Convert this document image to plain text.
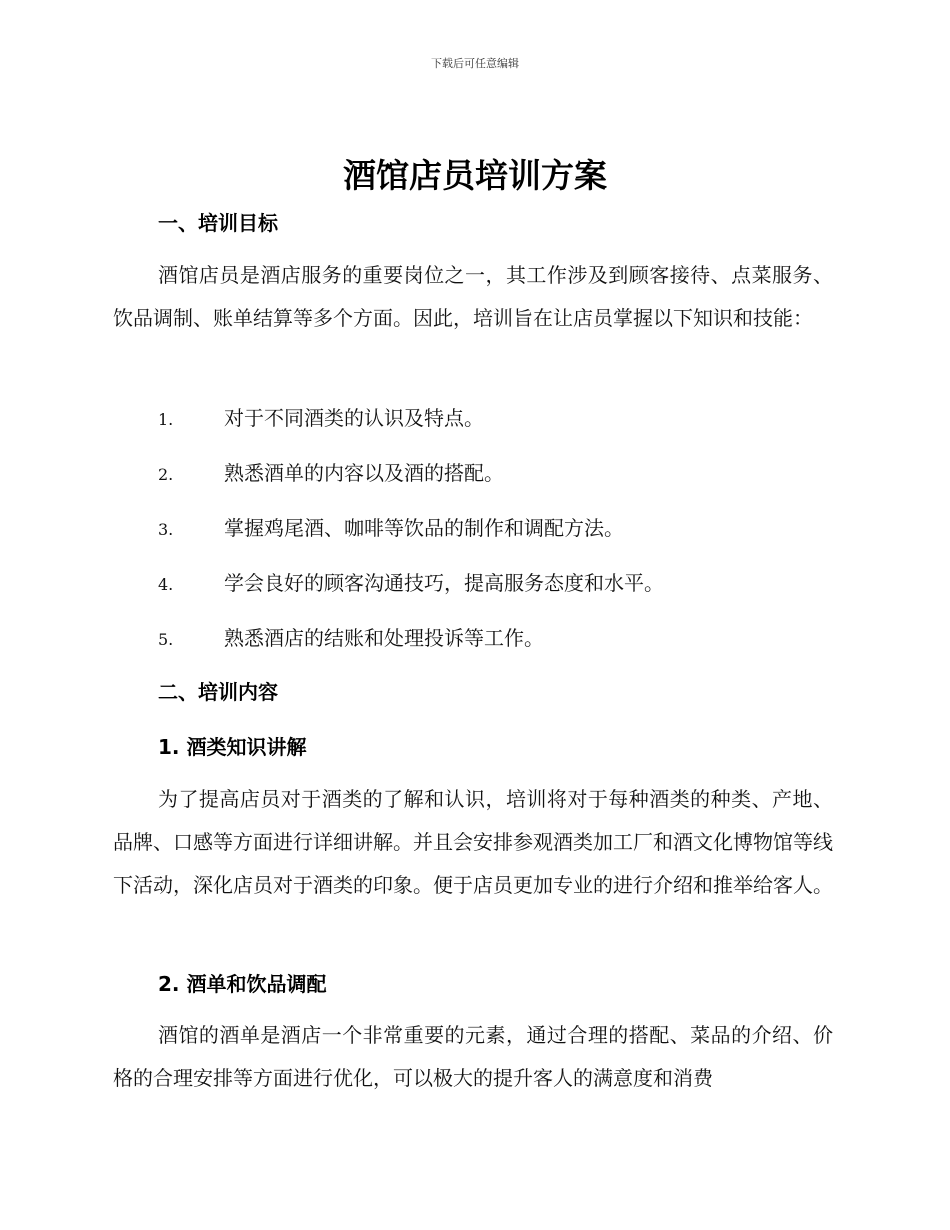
下载后可任意编辑
酒馆店员培训方案
一、培训目标

酒馆店员是酒店服务的重要岗位之一，其工作涉及到顾客接待、点菜服务、饮品调制、账单结算等多个方面。因此，培训旨在让店员掌握以下知识和技能：

1.	对于不同酒类的认识及特点。
2.	熟悉酒单的内容以及酒的搭配。
3.	掌握鸡尾酒、咖啡等饮品的制作和调配方法。
4.	学会良好的顾客沟通技巧，提高服务态度和水平。
5.	熟悉酒店的结账和处理投诉等工作。
二、培训内容
1. 酒类知识讲解

为了提高店员对于酒类的了解和认识，培训将对于每种酒类的种类、产地、品牌、口感等方面进行详细讲解。并且会安排参观酒类加工厂和酒文化博物馆等线下活动，深化店员对于酒类的印象。便于店员更加专业的进行介绍和推举给客人。

2. 酒单和饮品调配

酒馆的酒单是酒店一个非常重要的元素，通过合理的搭配、菜品的介绍、价格的合理安排等方面进行优化，可以极大的提升客人的满意度和消费
